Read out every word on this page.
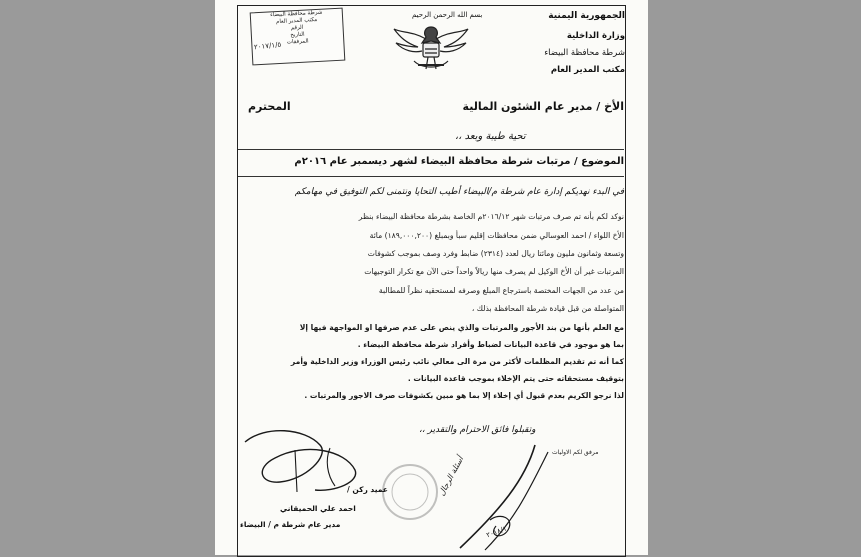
الجمهورية اليمنية
وزارة الداخلية
شرطة محافظة البيضاء
مكتب المدير العام
بسم الله الرحمن الرحيم
شرطة محافظة البيضاء
مكتب المدير العام
الرقم
التاريخ
المرفقات
٢٠١٧/١/٥
الأخ / مدير عام الشئون المالية
المحترم
تحية طيبة وبعد ،،
الموضوع / مرتبات شرطة محافظة البيضاء لشهر ديسمبر عام ٢٠١٦م
في البدء نهديكم إدارة عام شرطة م/البيضاء أطيب التحايا ونتمنى لكم التوفيق في مهامكم
نوكد لكم بأنه تم صرف مرتبات شهر ٢٠١٦/١٢م الخاصة بشرطة محافظة البيضاء بنظر
الأخ اللواء / احمد العوسالي ضمن محافظات إقليم سبأ وبمبلغ (١٨٩,٠٠٠,٢٠٠) مائة
وتسعة وثمانون مليون ومائتا ريال لعدد (٢٣١٤) ضابط وفرد وصف بموجب كشوفات
المرتبات غير أن الأخ الوكيل لم يصرف منها ريالاً واحداً حتى الآن مع تكرار التوجيهات
من عدد من الجهات المختصة باسترجاع المبلغ وصرفه لمستحقيه نظراً للمطالبة
المتواصلة من قبل قيادة شرطة المحافظة بذلك ،
مع العلم بأنها من بند الأجور والمرتبات والذي ينص على عدم صرفها او المواجهة فيها إلا
بما هو موجود في قاعدة البيانات لضباط وأفراد شرطة محافظة البيضاء .
كما أنه تم تقديم المظلمات لأكثر من مرة الى معالي نائب رئيس الوزراء وزير الداخلية وأمر
بتوقيف مستحقاته حتى يتم الإخلاء بموجب قاعدة البيانات .
لذا نرجو الكريم بعدم قبول أي إخلاء إلا بما هو مبين بكشوفات صرف الاجور والمرتبات .
وتقبلوا فائق الاحترام والتقدير ،،
مرفق لكم الاوليات
عميد ركن /
احمد علي الحميقاني
مدير عام شرطة م / البيضاء
أسئلة الرجال
٢٠١٨/١
